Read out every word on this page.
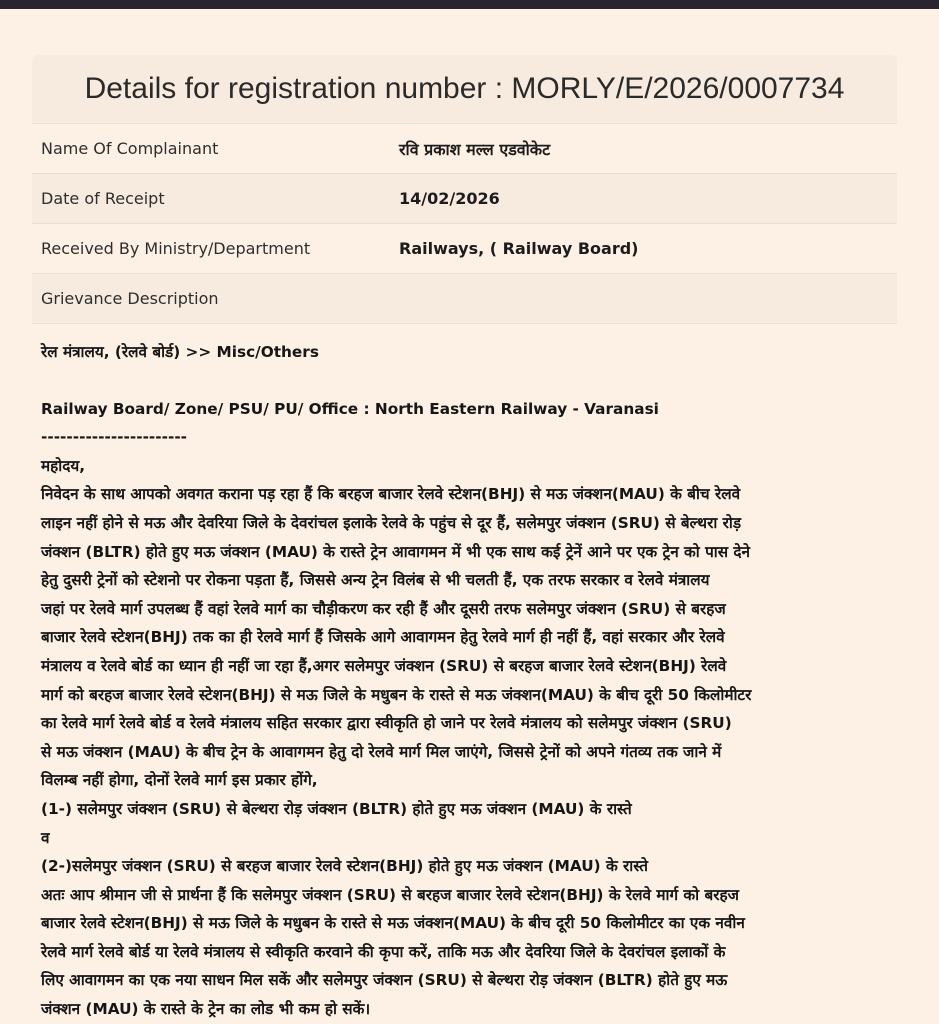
Details for registration number : MORLY/E/2026/0007734
Name Of Complainant	रवि प्रकाश मल्ल एडवोकेट
Date of Receipt	14/02/2026
Received By Ministry/Department	Railways, ( Railway Board)
Grievance Description

रेल मंत्रालय, (रेलवे बोर्ड) >> Misc/Others

Railway Board/ Zone/ PSU/ PU/ Office : North Eastern Railway - Varanasi

-----------------------

महोदय,

निवेदन के साथ आपको अवगत कराना पड़ रहा हैं कि बरहज बाजार रेलवे स्टेशन(BHJ) से मऊ जंक्शन(MAU) के बीच रेलवे

लाइन नहीं होने से मऊ और देवरिया जिले के देवरांचल इलाके रेलवे के पहुंच से दूर हैं, सलेमपुर जंक्शन (SRU) से बेल्थरा रोड़

जंक्शन (BLTR) होते हुए मऊ जंक्शन (MAU) के रास्ते ट्रेन आवागमन में भी एक साथ कई ट्रेनें आने पर एक ट्रेन को पास देने

हेतु दुसरी ट्रेनों को स्टेशनो पर रोकना पड़ता हैं, जिससे अन्य ट्रेन विलंब से भी चलती हैं, एक तरफ सरकार व रेलवे मंत्रालय

जहां पर रेलवे मार्ग उपलब्ध हैं वहां रेलवे मार्ग का चौड़ीकरण कर रही हैं और दूसरी तरफ सलेमपुर जंक्शन (SRU) से बरहज

बाजार रेलवे स्टेशन(BHJ) तक का ही रेलवे मार्ग हैं जिसके आगे आवागमन हेतु रेलवे मार्ग ही नहीं हैं, वहां सरकार और रेलवे

मंत्रालय व रेलवे बोर्ड का ध्यान ही नहीं जा रहा हैं,अगर सलेमपुर जंक्शन (SRU) से बरहज बाजार रेलवे स्टेशन(BHJ) रेलवे

मार्ग को बरहज बाजार रेलवे स्टेशन(BHJ) से मऊ जिले के मधुबन के रास्ते से मऊ जंक्शन(MAU) के बीच दूरी 50 किलोमीटर

का रेलवे मार्ग रेलवे बोर्ड व रेलवे मंत्रालय सहित सरकार द्वारा स्वीकृति हो जाने पर रेलवे मंत्रालय को सलेमपुर जंक्शन (SRU)

से मऊ जंक्शन (MAU) के बीच ट्रेन के आवागमन हेतु दो रेलवे मार्ग मिल जाएंगे, जिससे ट्रेनों को अपने गंतव्य तक जाने में

विलम्ब नहीं होगा, दोनों रेलवे मार्ग इस प्रकार होंगे,

(1-) सलेमपुर जंक्शन (SRU) से बेल्थरा रोड़ जंक्शन (BLTR) होते हुए मऊ जंक्शन (MAU) के रास्ते

व

(2-)सलेमपुर जंक्शन (SRU) से बरहज बाजार रेलवे स्टेशन(BHJ) होते हुए मऊ जंक्शन (MAU) के रास्ते

अतः आप श्रीमान जी से प्रार्थना हैं कि सलेमपुर जंक्शन (SRU) से बरहज बाजार रेलवे स्टेशन(BHJ) के रेलवे मार्ग को बरहज

बाजार रेलवे स्टेशन(BHJ) से मऊ जिले के मधुबन के रास्ते से मऊ जंक्शन(MAU) के बीच दूरी 50 किलोमीटर का एक नवीन

रेलवे मार्ग रेलवे बोर्ड या रेलवे मंत्रालय से स्वीकृति करवाने की कृपा करें, ताकि मऊ और देवरिया जिले के देवरांचल इलाकों के

लिए आवागमन का एक नया साधन मिल सकें और सलेमपुर जंक्शन (SRU) से बेल्थरा रोड़ जंक्शन (BLTR) होते हुए मऊ

जंक्शन (MAU) के रास्ते के ट्रेन का लोड भी कम हो सकें।
